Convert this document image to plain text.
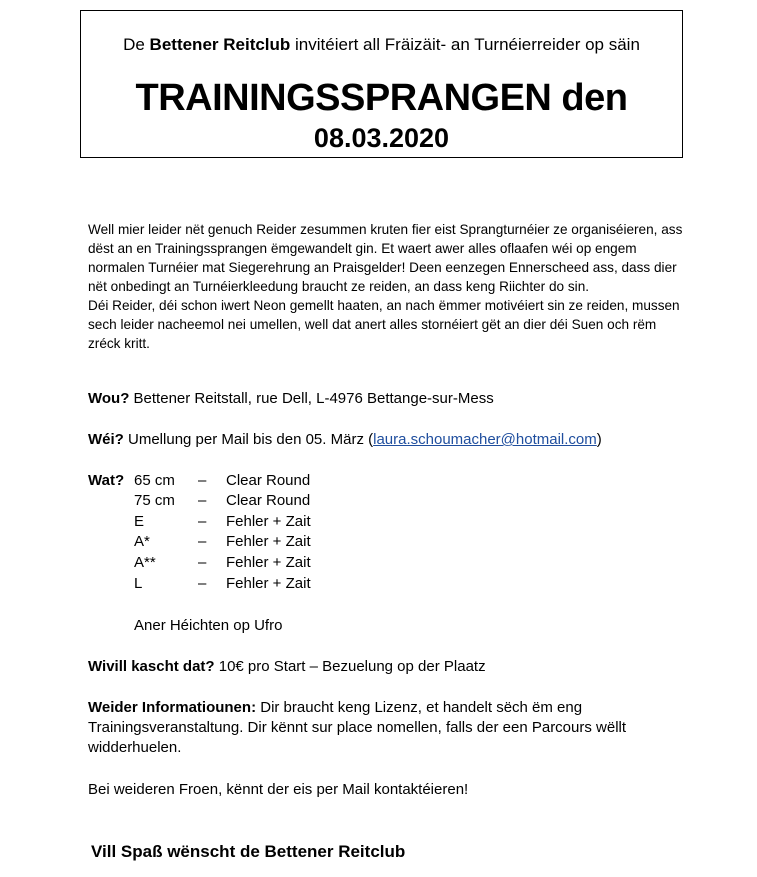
De Bettener Reitclub invitéiert all Fräizäit- an Turnéierreider op säin
TRAININGSSPRANGEN den
08.03.2020

Well mier leider nët genuch Reider zesummen kruten fier eist Sprangturnéier ze organiséieren, ass dëst an en Trainingssprangen ëmgewandelt gin. Et waert awer alles oflaafen wéi op engem normalen Turnéier mat Siegerehrung an Praisgelder! Deen eenzegen Ennerscheed ass, dass dier nët onbedingt an Turnéierkleedung braucht ze reiden, an dass keng Riichter do sin.

Déi Reider, déi schon iwert Neon gemellt haaten, an nach ëmmer motivéiert sin ze reiden, mussen sech leider nacheemol nei umellen, well dat anert alles stornéiert gët an dier déi Suen och rëm zréck kritt.

Wou? Bettener Reitstall, rue Dell, L-4976 Bettange-sur-Mess
Wéi? Umellung per Mail bis den 05. März (laura.schoumacher@hotmail.com)
Wat? 65 cm – Clear Round
75 cm – Clear Round
E	– Fehler + Zait
A*	– Fehler + Zait
A**	– Fehler + Zait
L	– Fehler + Zait
Aner Héichten op Ufro
Wivill kascht dat? 10€ pro Start – Bezuelung op der Plaatz
Weider Informatiounen: Dir braucht keng Lizenz, et handelt sëch ëm eng Trainingsveranstaltung. Dir kënnt sur place nomellen, falls der een Parcours wëllt widderhuelen.
Bei weideren Froen, kënnt der eis per Mail kontaktéieren!
Vill Spaß wënscht de Bettener Reitclub
